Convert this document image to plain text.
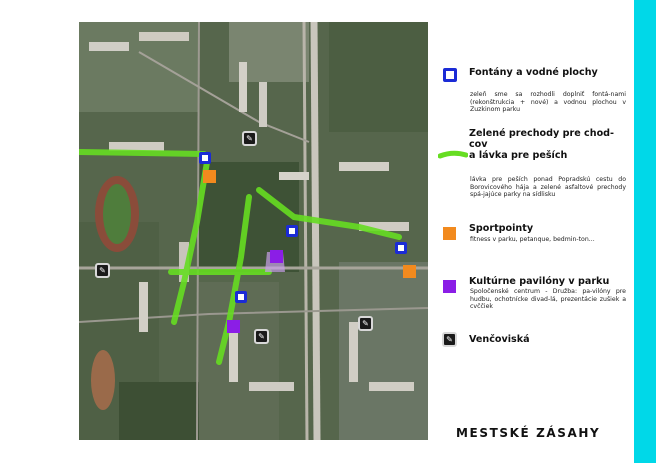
✎
✎
✎
✎
Fontány a vodné plochy
zeleň sme sa rozhodli doplniť fontá-nami (rekonštrukcia + nové) a vodnou plochou v Zuzkinom parku
Zelené prechody pre chod-cov
a lávka pre peších
lávka pre peších ponad Popradskú cestu do Borovicového hája a zelené asfaltové prechody spá-jajúce parky na sídlisku
Sportpointy
fitness v parku, petanque, bedmin-ton...
Kultúrne pavilóny v parku
Spoločenské centrum - Družba: pa-vilóny pre hudbu, ochotnícke divad-lá, prezentácie zušiek a cvččiek
✎	Venčoviská
MESTSKÉ ZÁSAHY
